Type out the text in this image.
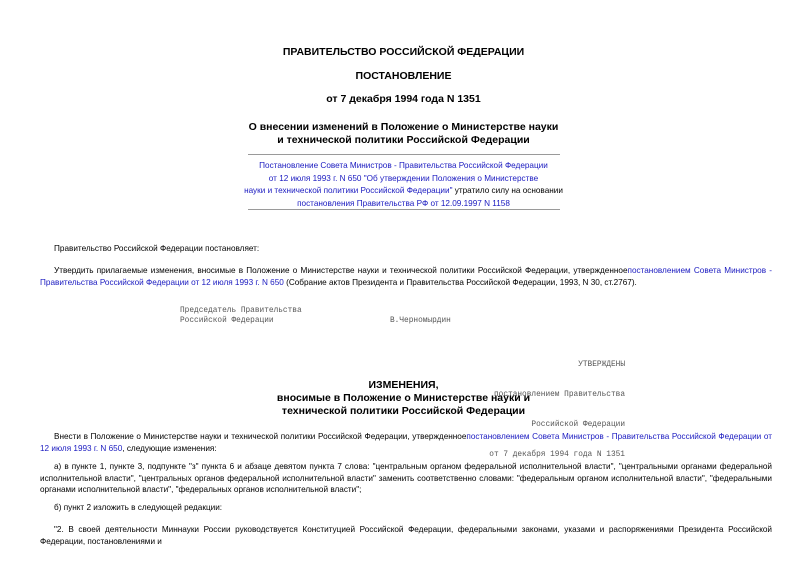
ПРАВИТЕЛЬСТВО РОССИЙСКОЙ ФЕДЕРАЦИИ
ПОСТАНОВЛЕНИЕ
от 7 декабря 1994 года N 1351
О внесении изменений в Положение о Министерстве науки
и технической политики Российской Федерации
Постановление Совета Министров - Правительства Российской Федерации
от 12 июля 1993 г. N 650 "Об утверждении Положения о Министерстве
науки и технической политики Российской Федерации" утратило силу на основании
постановления Правительства РФ от 12.09.1997 N 1158
Правительство Российской Федерации постановляет:
Утвердить прилагаемые изменения, вносимые в Положение о Министерстве науки и технической политики Российской Федерации, утвержденноепостановлением Совета Министров - Правительства Российской Федерации от 12 июля 1993 г. N 650 (Собрание актов Президента и Правительства Российской Федерации, 1993, N 30, ст.2767).
Председатель Правительства
Российской Федерации	В.Черномырдин

УТВЕРЖДЕНЫ

постановлением Правительства

Российской Федерации

от 7 декабря 1994 года N 1351

ИЗМЕНЕНИЯ,
вносимые в Положение о Министерстве науки и
технической политики Российской Федерации
Внести в Положение о Министерстве науки и технической политики Российской Федерации, утвержденноепостановлением Совета Министров - Правительства Российской Федерации от 12 июля 1993 г. N 650, следующие изменения:
а) в пункте 1, пункте 3, подпункте "з" пункта 6 и абзаце девятом пункта 7 слова: "центральным органом федеральной исполнительной власти", "центральными органами федеральной исполнительной власти", "центральных органов федеральной исполнительной власти" заменить соответственно словами: "федеральным органом исполнительной власти", "федеральными органами исполнительной власти", "федеральных органов исполнительной власти";
б) пункт 2 изложить в следующей редакции:
"2. В своей деятельности Миннауки России руководствуется Конституцией Российской Федерации, федеральными законами, указами и распоряжениями Президента Российской Федерации, постановлениями и
